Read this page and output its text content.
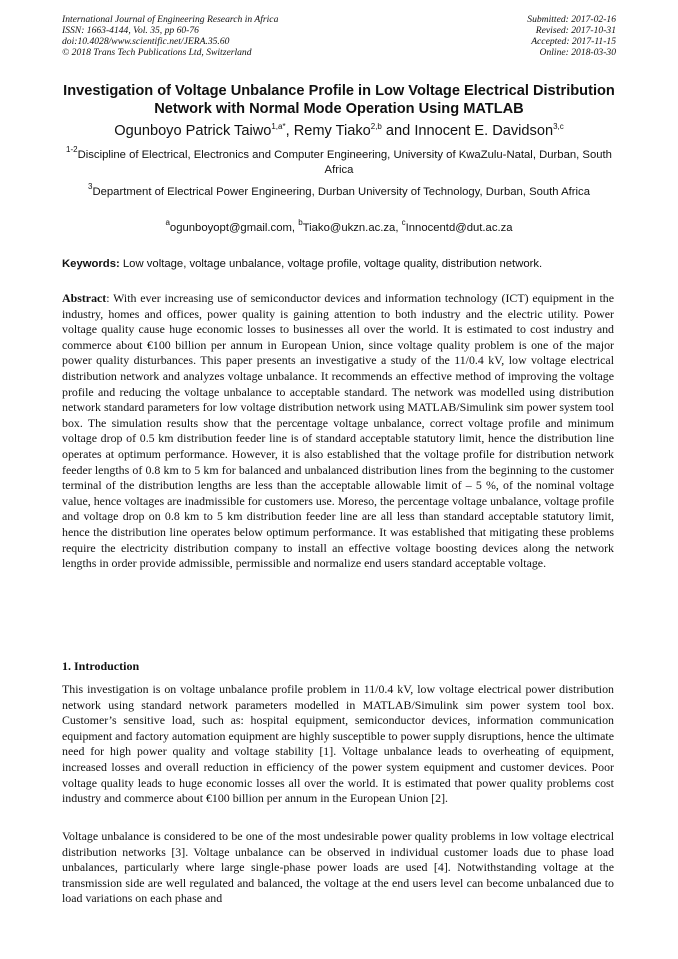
International Journal of Engineering Research in Africa
ISSN: 1663-4144, Vol. 35, pp 60-76
doi:10.4028/www.scientific.net/JERA.35.60
© 2018 Trans Tech Publications Ltd, Switzerland
Submitted: 2017-02-16
Revised: 2017-10-31
Accepted: 2017-11-15
Online: 2018-03-30
Investigation of Voltage Unbalance Profile in Low Voltage Electrical Distribution Network with Normal Mode Operation Using MATLAB
Ogunboyo Patrick Taiwo$^{1,a*}$, Remy Tiako$^{2,b}$ and Innocent E. Davidson$^{3,c}$
$^{1-2}$Discipline of Electrical, Electronics and Computer Engineering, University of KwaZulu-Natal, Durban, South Africa
$^3$Department of Electrical Power Engineering, Durban University of Technology, Durban, South Africa
$^a$ogunboyopt@gmail.com, $^b$Tiako@ukzn.ac.za, $^c$Innocentd@dut.ac.za
Keywords: Low voltage, voltage unbalance, voltage profile, voltage quality, distribution network.
Abstract: With ever increasing use of semiconductor devices and information technology (ICT) equipment in the industry, homes and offices, power quality is gaining attention to both industry and the electric utility. Power voltage quality cause huge economic losses to businesses all over the world. It is estimated to cost industry and commerce about €100 billion per annum in European Union, since voltage quality problem is one of the major power quality disturbances. This paper presents an investigative a study of the 11/0.4 kV, low voltage electrical distribution network and analyzes voltage unbalance. It recommends an effective method of improving the voltage profile and reducing the voltage unbalance to acceptable standard. The network was modelled using distribution network standard parameters for low voltage distribution network using MATLAB/Simulink sim power system tool box. The simulation results show that the percentage voltage unbalance, correct voltage profile and minimum voltage drop of 0.5 km distribution feeder line is of standard acceptable statutory limit, hence the distribution line operates at optimum performance. However, it is also established that the voltage profile for distribution network feeder lengths of 0.8 km to 5 km for balanced and unbalanced distribution lines from the beginning to the customer terminal of the distribution lengths are less than the acceptable allowable limit of – 5 %, of the nominal voltage value, hence voltages are inadmissible for customers use. Moreso, the percentage voltage unbalance, voltage profile and voltage drop on 0.8 km to 5 km distribution feeder line are all less than standard acceptable statutory limit, hence the distribution line operates below optimum performance. It was established that mitigating these problems require the electricity distribution company to install an effective voltage boosting devices along the network lengths in order provide admissible, permissible and normalize end users standard acceptable voltage.
1. Introduction
This investigation is on voltage unbalance profile problem in 11/0.4 kV, low voltage electrical power distribution network using standard network parameters modelled in MATLAB/Simulink sim power system tool box. Customer’s sensitive load, such as: hospital equipment, semiconductor devices, information communication equipment and factory automation equipment are highly susceptible to power supply disruptions, hence the ultimate need for high power quality and voltage stability [1]. Voltage unbalance leads to overheating of equipment, increased losses and overall reduction in efficiency of the power system equipment and customer devices. Poor voltage quality leads to huge economic losses all over the world. It is estimated that power quality problems cost industry and commerce about €100 billion per annum in the European Union [2].
Voltage unbalance is considered to be one of the most undesirable power quality problems in low voltage electrical distribution networks [3]. Voltage unbalance can be observed in individual customer loads due to phase load unbalances, particularly where large single-phase power loads are used [4]. Notwithstanding voltage at the transmission side are well regulated and balanced, the voltage at the end users level can become unbalanced due to load variations on each phase and
